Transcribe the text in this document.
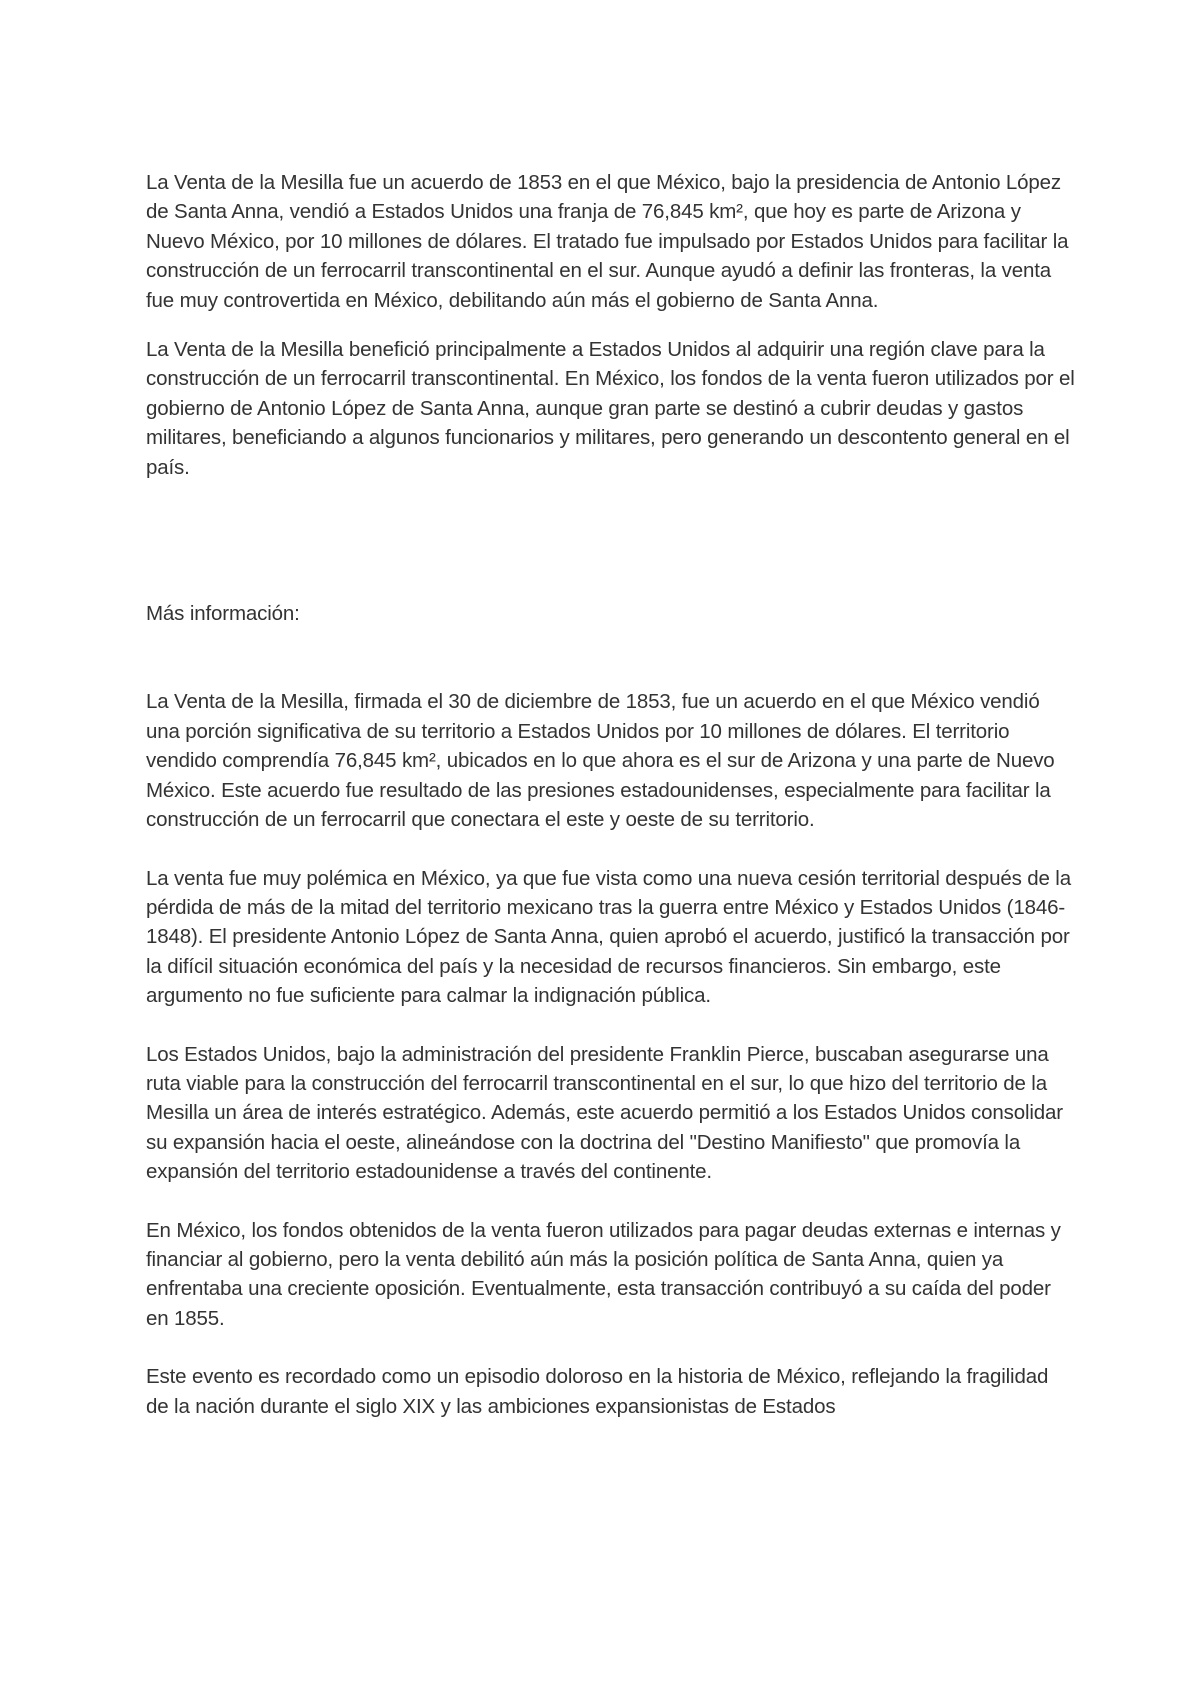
La Venta de la Mesilla fue un acuerdo de 1853 en el que México, bajo la presidencia de Antonio López de Santa Anna, vendió a Estados Unidos una franja de 76,845 km², que hoy es parte de Arizona y Nuevo México, por 10 millones de dólares. El tratado fue impulsado por Estados Unidos para facilitar la construcción de un ferrocarril transcontinental en el sur. Aunque ayudó a definir las fronteras, la venta fue muy controvertida en México, debilitando aún más el gobierno de Santa Anna.

La Venta de la Mesilla benefició principalmente a Estados Unidos al adquirir una región clave para la construcción de un ferrocarril transcontinental. En México, los fondos de la venta fueron utilizados por el gobierno de Antonio López de Santa Anna, aunque gran parte se destinó a cubrir deudas y gastos militares, beneficiando a algunos funcionarios y militares, pero generando un descontento general en el país.

Más información:

La Venta de la Mesilla, firmada el 30 de diciembre de 1853, fue un acuerdo en el que México vendió una porción significativa de su territorio a Estados Unidos por 10 millones de dólares. El territorio vendido comprendía 76,845 km², ubicados en lo que ahora es el sur de Arizona y una parte de Nuevo México. Este acuerdo fue resultado de las presiones estadounidenses, especialmente para facilitar la construcción de un ferrocarril que conectara el este y oeste de su territorio.

La venta fue muy polémica en México, ya que fue vista como una nueva cesión territorial después de la pérdida de más de la mitad del territorio mexicano tras la guerra entre México y Estados Unidos (1846-1848). El presidente Antonio López de Santa Anna, quien aprobó el acuerdo, justificó la transacción por la difícil situación económica del país y la necesidad de recursos financieros. Sin embargo, este argumento no fue suficiente para calmar la indignación pública.

Los Estados Unidos, bajo la administración del presidente Franklin Pierce, buscaban asegurarse una ruta viable para la construcción del ferrocarril transcontinental en el sur, lo que hizo del territorio de la Mesilla un área de interés estratégico. Además, este acuerdo permitió a los Estados Unidos consolidar su expansión hacia el oeste, alineándose con la doctrina del "Destino Manifiesto" que promovía la expansión del territorio estadounidense a través del continente.

En México, los fondos obtenidos de la venta fueron utilizados para pagar deudas externas e internas y financiar al gobierno, pero la venta debilitó aún más la posición política de Santa Anna, quien ya enfrentaba una creciente oposición. Eventualmente, esta transacción contribuyó a su caída del poder en 1855.

Este evento es recordado como un episodio doloroso en la historia de México, reflejando la fragilidad de la nación durante el siglo XIX y las ambiciones expansionistas de Estados
